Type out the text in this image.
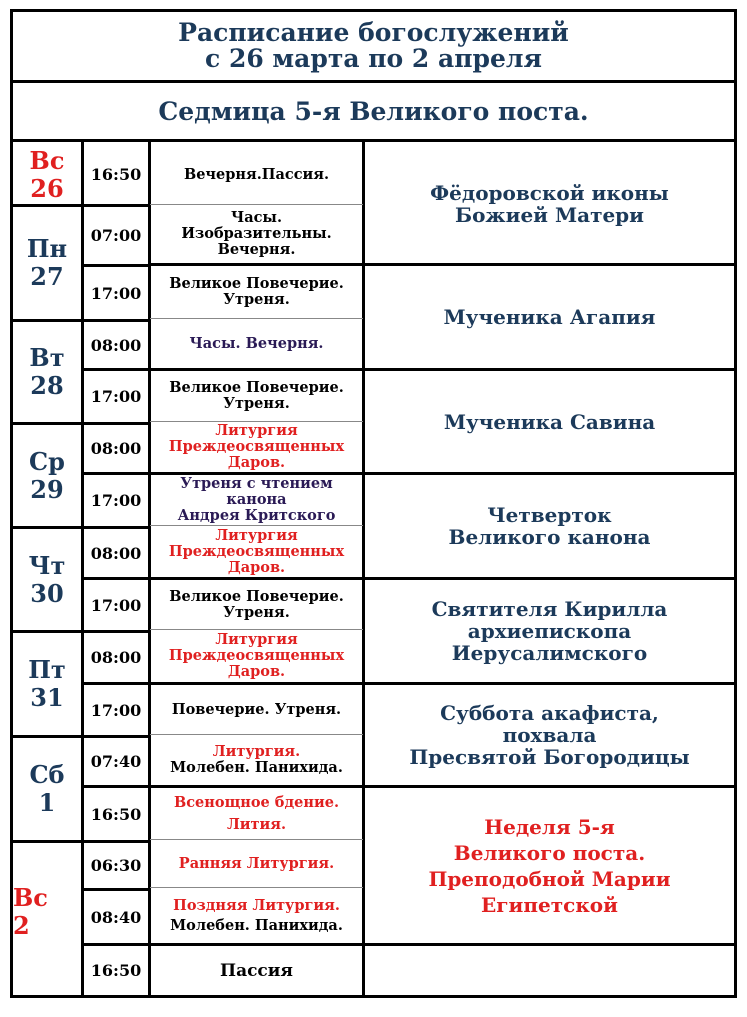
Расписание богослужений
с 26 марта по 2 апреля
Седмица 5-я Великого поста.
Вс
26
Пн
27
Вт
28
Ср
29
Чт
30
Пт
31
Сб
1
Вс
2
16:50
07:00
17:00
08:00
17:00
08:00
17:00
08:00
17:00
08:00
17:00
07:40
16:50
06:30
08:40
16:50
Вечерня.Пассия.
Часы.
Изобразительны.
Вечерня.
Великое Повечерие.
Утреня.
Часы. Вечерня.
Великое Повечерие.
Утреня.
Литургия
Преждеосвященных
Даров.
Утреня с чтением
канона
Андрея Критского
Литургия
Преждеосвященных
Даров.
Великое Повечерие.
Утреня.
Литургия
Преждеосвященных
Даров.
Повечерие. Утреня.
Литургия.
Молебен. Панихида.
Всенощное бдение.
Лития.
Ранняя Литургия.
Поздняя Литургия.
Молебен. Панихида.
Пассия
Фёдоровской иконы
Божией Матери
Мученика Агапия
Мученика Савина
Четверток
Великого канона
Святителя Кирилла
архиепископа
Иерусалимского
Суббота акафиста,
похвала
Пресвятой Богородицы
Неделя 5-я
Великого поста.
Преподобной Марии
Египетской
